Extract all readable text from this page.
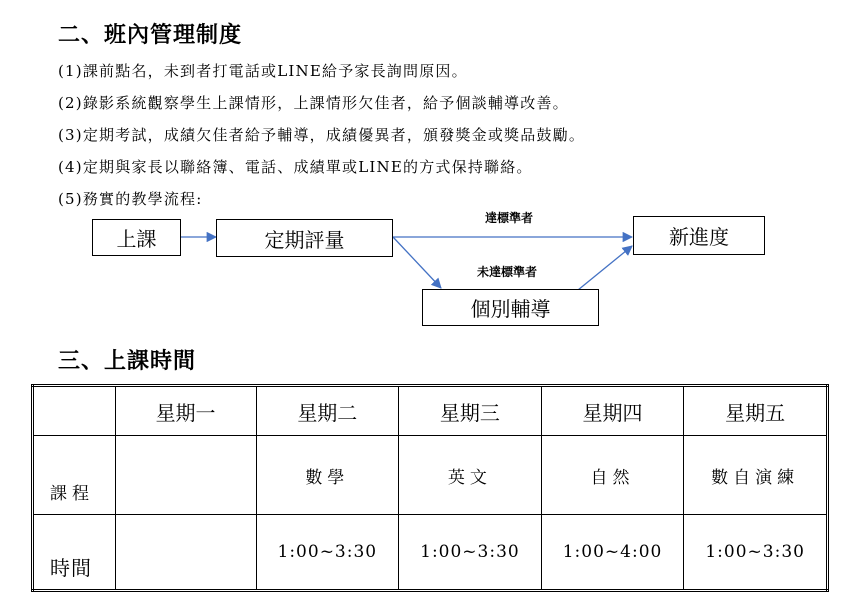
二、班內管理制度
(1)課前點名，未到者打電話或LINE給予家長詢問原因。
(2)錄影系統觀察學生上課情形，上課情形欠佳者，給予個談輔導改善。
(3)定期考試，成績欠佳者給予輔導，成績優異者，頒發獎金或獎品鼓勵。
(4)定期與家長以聯絡簿、電話、成績單或LINE的方式保持聯絡。
(5)務實的教學流程:
上課	定期評量	新進度
個別輔導
達標準者
未達標準者
三、上課時間
	星期一	星期二	星期三	星期四	星期五
課程		數學	英文	自然	數自演練
時間		1:00~3:30	1:00~3:30	1:00~4:00	1:00~3:30
